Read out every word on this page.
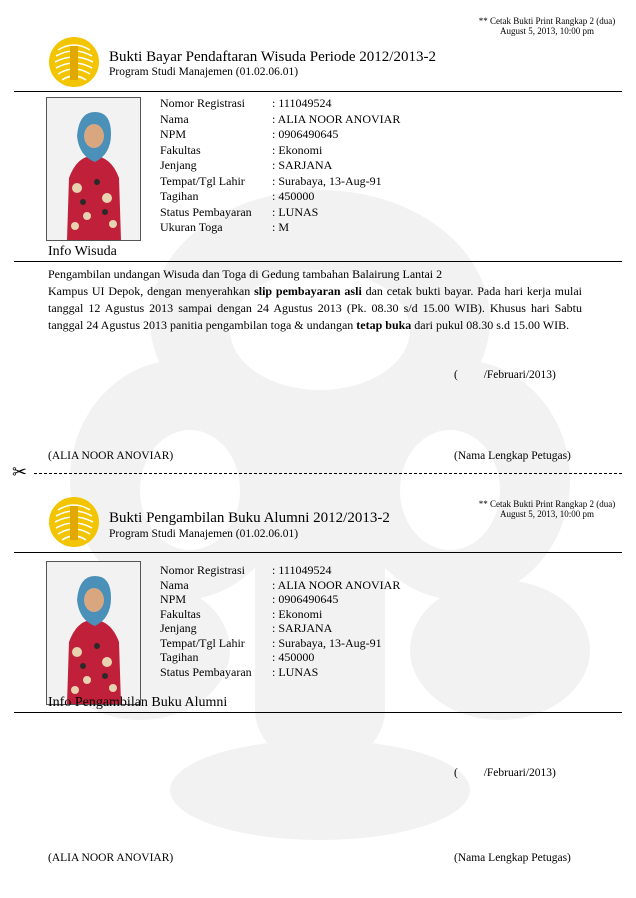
** Cetak Bukti Print Rangkap 2 (dua)
August 5, 2013, 10:00 pm
Bukti Bayar Pendaftaran Wisuda Periode 2012/2013-2
Program Studi Manajemen (01.02.06.01)
Nomor Registrasi	: 111049524
Nama	: ALIA NOOR ANOVIAR
NPM	: 0906490645
Fakultas	: Ekonomi
Jenjang	: SARJANA
Tempat/Tgl Lahir	: Surabaya, 13-Aug-91
Tagihan	: 450000
Status Pembayaran	: LUNAS
Ukuran Toga	: M
Info Wisuda
Pengambilan undangan Wisuda dan Toga di Gedung tambahan Balairung Lantai 2
Kampus UI Depok, dengan menyerahkan slip pembayaran asli dan cetak bukti bayar. Pada hari kerja mulai tanggal 12 Agustus 2013 sampai dengan 24 Agustus 2013 (Pk. 08.30 s/d 15.00 WIB). Khusus hari Sabtu tanggal 24 Agustus 2013 panitia pengambilan toga & undangan tetap buka dari pukul 08.30 s.d 15.00 WIB.
(         /Februari/2013)
(ALIA NOOR ANOVIAR)	(Nama Lengkap Petugas)
✂
** Cetak Bukti Print Rangkap 2 (dua)
August 5, 2013, 10:00 pm
Bukti Pengambilan Buku Alumni 2012/2013-2
Program Studi Manajemen (01.02.06.01)
Nomor Registrasi	: 111049524
Nama	: ALIA NOOR ANOVIAR
NPM	: 0906490645
Fakultas	: Ekonomi
Jenjang	: SARJANA
Tempat/Tgl Lahir	: Surabaya, 13-Aug-91
Tagihan	: 450000
Status Pembayaran	: LUNAS
Info Pengambilan Buku Alumni
(         /Februari/2013)
(ALIA NOOR ANOVIAR)	(Nama Lengkap Petugas)
